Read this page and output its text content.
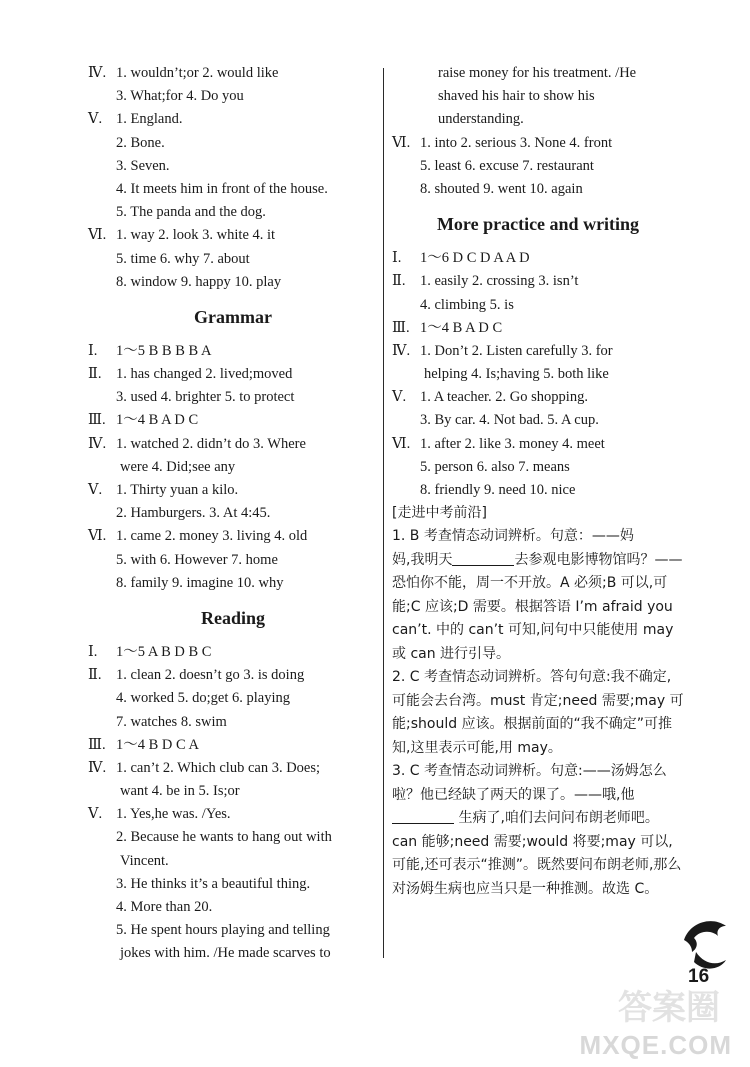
Ⅳ. 1. wouldn’t;or 2. would like
3. What;for 4. Do you
Ⅴ. 1. England.
2. Bone.
3. Seven.
4. It meets him in front of the house.
5. The panda and the dog.
Ⅵ. 1. way 2. look 3. white 4. it
5. time 6. why 7. about
8. window 9. happy 10. play
Grammar
Ⅰ. 1～5 B B B B A
Ⅱ. 1. has changed 2. lived;moved
3. used 4. brighter 5. to protect
Ⅲ. 1～4 B A D C
Ⅳ. 1. watched 2. didn’t do 3. Where
were 4. Did;see any
Ⅴ. 1. Thirty yuan a kilo.
2. Hamburgers. 3. At 4:45.
Ⅵ. 1. came 2. money 3. living 4. old
5. with 6. However 7. home
8. family 9. imagine 10. why
Reading
Ⅰ. 1～5 A B D B C
Ⅱ. 1. clean 2. doesn’t go 3. is doing
4. worked 5. do;get 6. playing
7. watches 8. swim
Ⅲ. 1～4 B D C A
Ⅳ. 1. can’t 2. Which club can 3. Does;
want 4. be in 5. Is;or
Ⅴ. 1. Yes,he was. /Yes.
2. Because he wants to hang out with
Vincent.
3. He thinks it’s a beautiful thing.
4. More than 20.
5. He spent hours playing and telling
jokes with him. /He made scarves to
raise money for his treatment. /He
shaved his hair to show his
understanding.
Ⅵ. 1. into 2. serious 3. None 4. front
5. least 6. excuse 7. restaurant
8. shouted 9. went 10. again
More practice and writing
Ⅰ. 1～6 D C D A A D
Ⅱ. 1. easily 2. crossing 3. isn’t
4. climbing 5. is
Ⅲ. 1～4 B A D C
Ⅳ. 1. Don’t 2. Listen carefully 3. for
helping 4. Is;having 5. both like
Ⅴ. 1. A teacher. 2. Go shopping.
3. By car. 4. Not bad. 5. A cup.
Ⅵ. 1. after 2. like 3. money 4. meet
5. person 6. also 7. means
8. friendly 9. need 10. nice
[走进中考前沿]
1. B 考查情态动词辨析。句意：——妈
妈,我明天	去参观电影博物馆吗？——恐怕你不能，周一不开放。A 必须;B 可以,可能;C 应该;D 需要。根据答语 I’m afraid you can’t. 中的 can’t 可知,问句中只能使用 may 或 can 进行引导。
2. C 考查情态动词辨析。答句句意:我不确定,可能会去台湾。must 肯定;need 需要;may 可能;should 应该。根据前面的“我不确定”可推知,这里表示可能,用 may。
3. C 考查情态动词辨析。句意:——汤姆怎么啦？他已经缺了两天的课了。——哦,他  生病了,咱们去问问布朗老师吧。can 能够;need 需要;would 将要;may 可以,可能,还可表示“推测”。既然要问布朗老师,那么对汤姆生病也应当只是一种推测。故选 C。
16
答案圈
MXQE.COM
